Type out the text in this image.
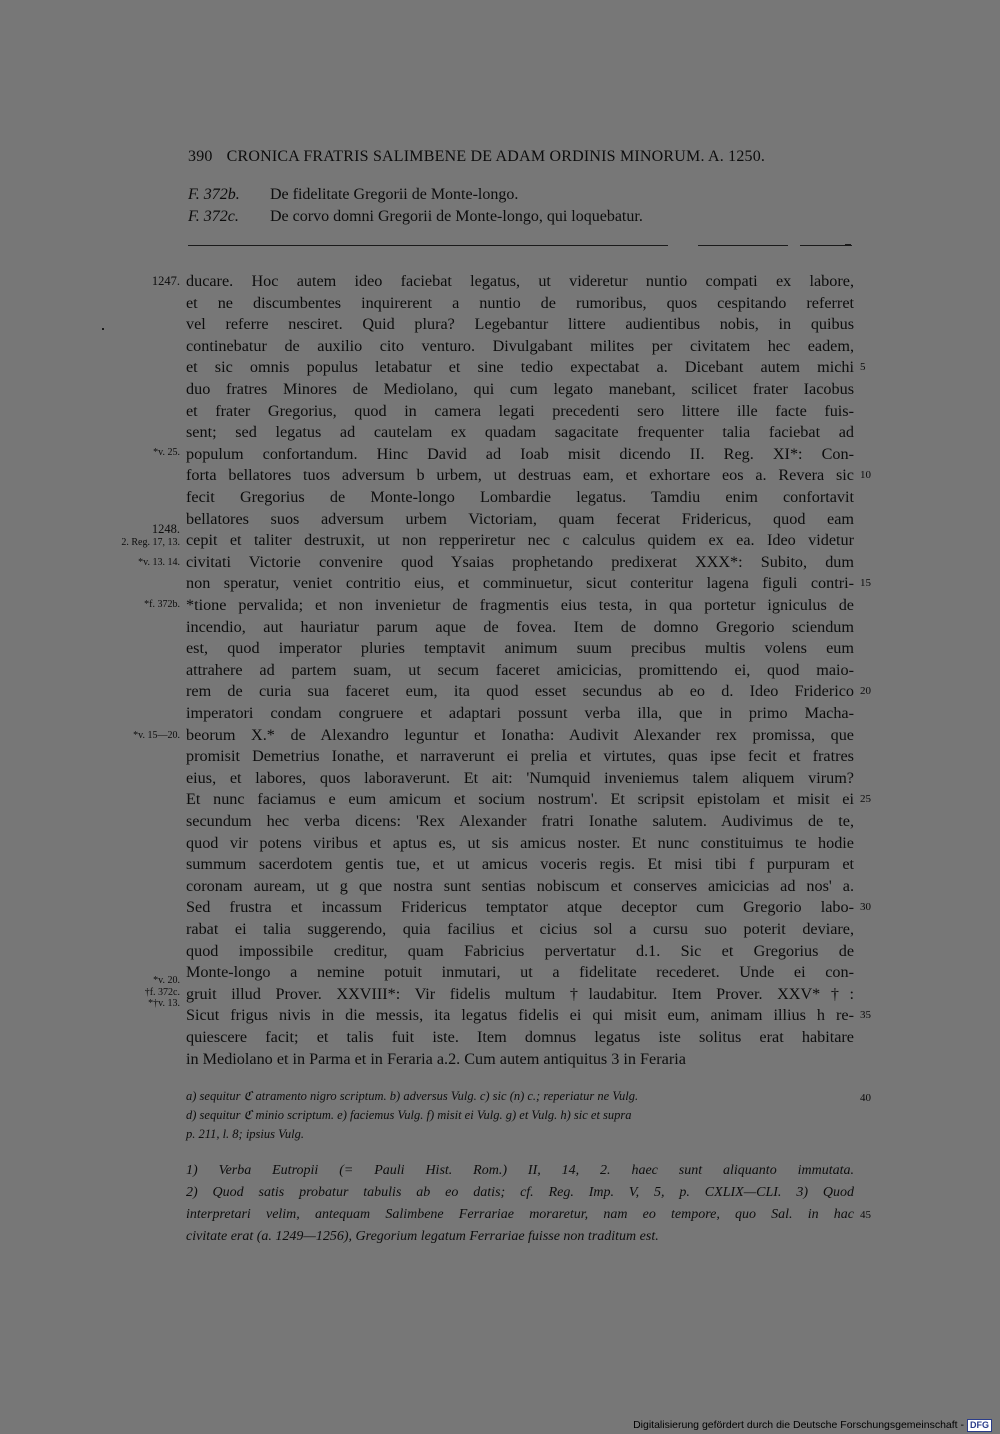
390 CRONICA FRATRIS SALIMBENE DE ADAM ORDINIS MINORUM. A. 1250.
F. 372b. De fidelitate Gregorii de Monte-longo.
F. 372c. De corvo domni Gregorii de Monte-longo, qui loquebatur.
ducare. Hoc autem ideo faciebat legatus, ut videretur nuntio compati ex labore,
et ne discumbentes inquirerent a nuntio de rumoribus, quos cespitando referret
vel referre nesciret. Quid plura? Legebantur littere audientibus nobis, in quibus
continebatur de auxilio cito venturo. Divulgabant milites per civitatem hec eadem,
et sic omnis populus letabatur et sine tedio expectabat a. Dicebant autem michi 5
duo fratres Minores de Mediolano, qui cum legato manebant, scilicet frater Iacobus
et frater Gregorius, quod in camera legati precedenti sero littere ille facte fuis-
sent; sed legatus ad cautelam ex quadam sagacitate frequenter talia faciebat ad
populum confortandum. Hinc David ad Ioab misit dicendo II. Reg. XI*: Con-
forta bellatores tuos adversum b urbem, ut destruas eam, et exhortare eos a. Revera sic 10
fecit Gregorius de Monte-longo Lombardie legatus. Tamdiu enim confortavit
bellatores suos adversum urbem Victoriam, quam fecerat Fridericus, quod eam
cepit et taliter destruxit, ut non repperiretur nec c calculus quidem ex ea. Ideo videtur
civitati Victorie convenire quod Ysaias prophetando predixerat XXX*: Subito, dum
non speratur, veniet contritio eius, et comminuetur, sicut conteritur lagena figuli contri- 15
*tione pervalida; et non invenietur de fragmentis eius testa, in qua portetur igniculus de
incendio, aut hauriatur parum aque de fovea. Item de domno Gregorio sciendum
est, quod imperator pluries temptavit animum suum precibus multis volens eum
attrahere ad partem suam, ut secum faceret amicicias, promittendo ei, quod maio-
rem de curia sua faceret eum, ita quod esset secundus ab eo d. Ideo Friderico 20
imperatori condam congruere et adaptari possunt verba illa, que in primo Macha-
beorum X.* de Alexandro leguntur et Ionatha: Audivit Alexander rex promissa, que
promisit Demetrius Ionathe, et narraverunt ei prelia et virtutes, quas ipse fecit et fratres
eius, et labores, quos laboraverunt. Et ait: 'Numquid inveniemus talem aliquem virum?
Et nunc faciamus e eum amicum et socium nostrum'. Et scripsit epistolam et misit ei 25
secundum hec verba dicens: 'Rex Alexander fratri Ionathe salutem. Audivimus de te,
quod vir potens viribus et aptus es, ut sis amicus noster. Et nunc constituimus te hodie
summum sacerdotem gentis tue, et ut amicus voceris regis. Et misi tibi f purpuram et
coronam auream, ut g que nostra sunt sentias nobiscum et conserves amicicias ad nos' a.
Sed frustra et incassum Fridericus temptator atque deceptor cum Gregorio labo- 30
rabat ei talia suggerendo, quia facilius et cicius sol a cursu suo poterit deviare,
quod impossibile creditur, quam Fabricius pervertatur d.1. Sic et Gregorius de
Monte-longo a nemine potuit inmutari, ut a fidelitate recederet. Unde ei con-
gruit illud Prover. XXVIII*: Vir fidelis multum †laudabitur. Item Prover. XXV*†:
Sicut frigus nivis in die messis, ita legatus fidelis ei qui misit eum, animam illius h re- 35
quiescere facit; et talis fuit iste. Item domnus legatus iste solitus erat habitare
in Mediolano et in Parma et in Feraria a.2. Cum autem antiquitus 3 in Feraria
1247.
*v. 25.
1248.
2. Reg. 17, 13.
*v. 13. 14.
*f. 372b.
*v. 15—20.
*v. 20.
†f. 372c.
*†v. 13.
a) sequitur ℭ atramento nigro scriptum. b) adversus Vulg. c) sic (n) c.; reperiatur ne Vulg.
d) sequitur ℭ minio scriptum. e) faciemus Vulg. f) misit ei Vulg. g) et Vulg. h) sic et supra
p. 211, l. 8; ipsius Vulg.
40
1) Verba Eutropii (= Pauli Hist. Rom.) II, 14, 2. haec sunt aliquanto immutata.
2) Quod satis probatur tabulis ab eo datis; cf. Reg. Imp. V, 5, p. CXLIX—CLI. 3) Quod
interpretari velim, antequam Salimbene Ferrariae moraretur, nam eo tempore, quo Sal. in hac
civitate erat (a. 1249—1256), Gregorium legatum Ferrariae fuisse non traditum est.
45
Digitalisierung gefördert durch die Deutsche Forschungsgemeinschaft - DFG
